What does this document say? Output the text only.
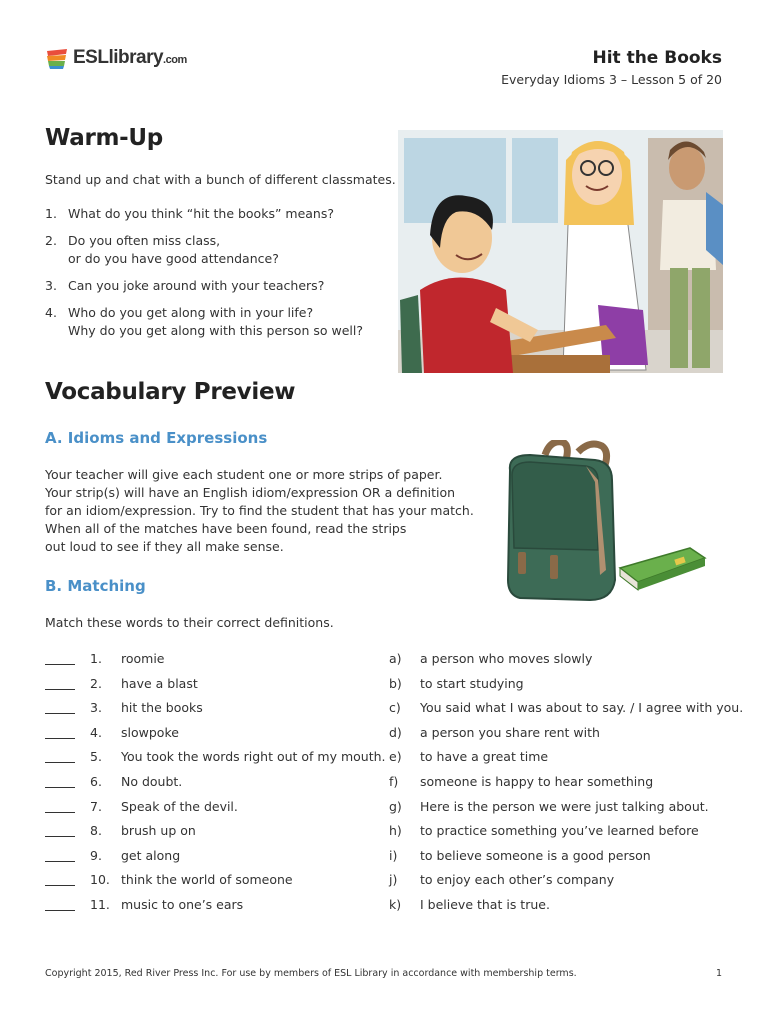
ESLlibrary.com	Hit the Books
Everyday Idioms 3 – Lesson 5 of 20
Warm-Up
Stand up and chat with a bunch of different classmates.
1. What do you think “hit the books” means?
2. Do you often miss class,
or do you have good attendance?
3. Can you joke around with your teachers?
4. Who do you get along with in your life?
Why do you get along with this person so well?
Vocabulary Preview
A. Idioms and Expressions
Your teacher will give each student one or more strips of paper.
Your strip(s) will have an English idiom/expression OR a definition
for an idiom/expression. Try to find the student that has your match.
When all of the matches have been found, read the strips
out loud to see if they all make sense.
B. Matching
Match these words to their correct definitions.
1. roomie	a) a person who moves slowly
2. have a blast	b) to start studying
3. hit the books	c) You said what I was about to say. / I agree with you.
4. slowpoke	d) a person you share rent with
5. You took the words right out of my mouth. e) to have a great time
6. No doubt.	f) someone is happy to hear something
7. Speak of the devil.	g) Here is the person we were just talking about.
8. brush up on	h) to practice something you’ve learned before
9. get along	i) to believe someone is a good person
10. think the world of someone	j) to enjoy each other’s company
11. music to one’s ears	k) I believe that is true.
Copyright 2015, Red River Press Inc. For use by members of ESL Library in accordance with membership terms.	1
